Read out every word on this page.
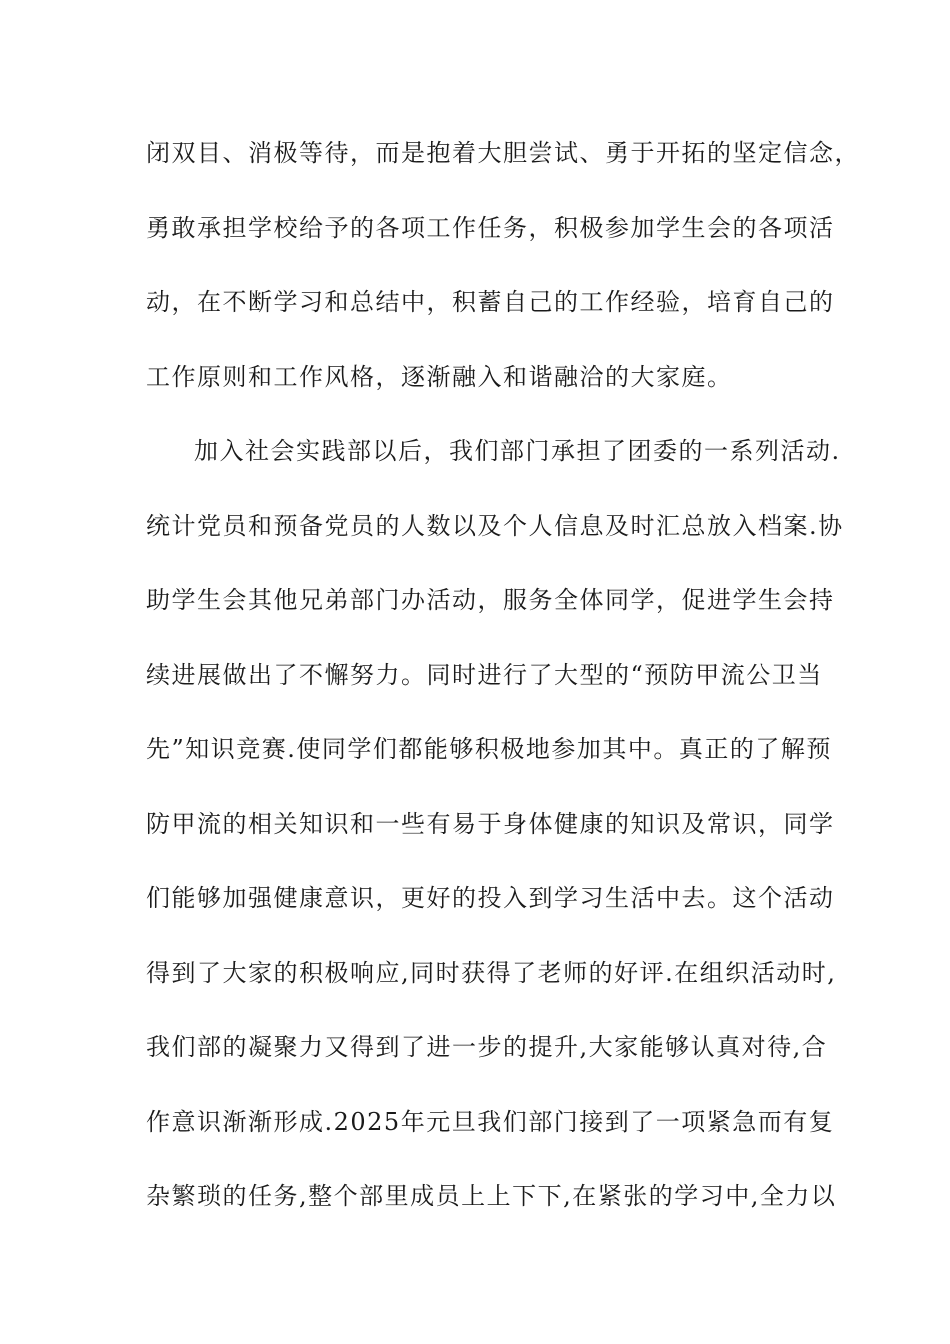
闭双目、消极等待，而是抱着大胆尝试、勇于开拓的坚定信念，
勇敢承担学校给予的各项工作任务，积极参加学生会的各项活
动，在不断学习和总结中，积蓄自己的工作经验，培育自己的
工作原则和工作风格，逐渐融入和谐融洽的大家庭。
加入社会实践部以后，我们部门承担了团委的一系列活动.
统计党员和预备党员的人数以及个人信息及时汇总放入档案.协
助学生会其他兄弟部门办活动，服务全体同学，促进学生会持
续进展做出了不懈努力。同时进行了大型的“预防甲流公卫当
先”知识竞赛.使同学们都能够积极地参加其中。真正的了解预
防甲流的相关知识和一些有易于身体健康的知识及常识，同学
们能够加强健康意识，更好的投入到学习生活中去。这个活动
得到了大家的积极响应,同时获得了老师的好评.在组织活动时,
我们部的凝聚力又得到了进一步的提升,大家能够认真对待,合
作意识渐渐形成.2025年元旦我们部门接到了一项紧急而有复
杂繁琐的任务,整个部里成员上上下下,在紧张的学习中,全力以
